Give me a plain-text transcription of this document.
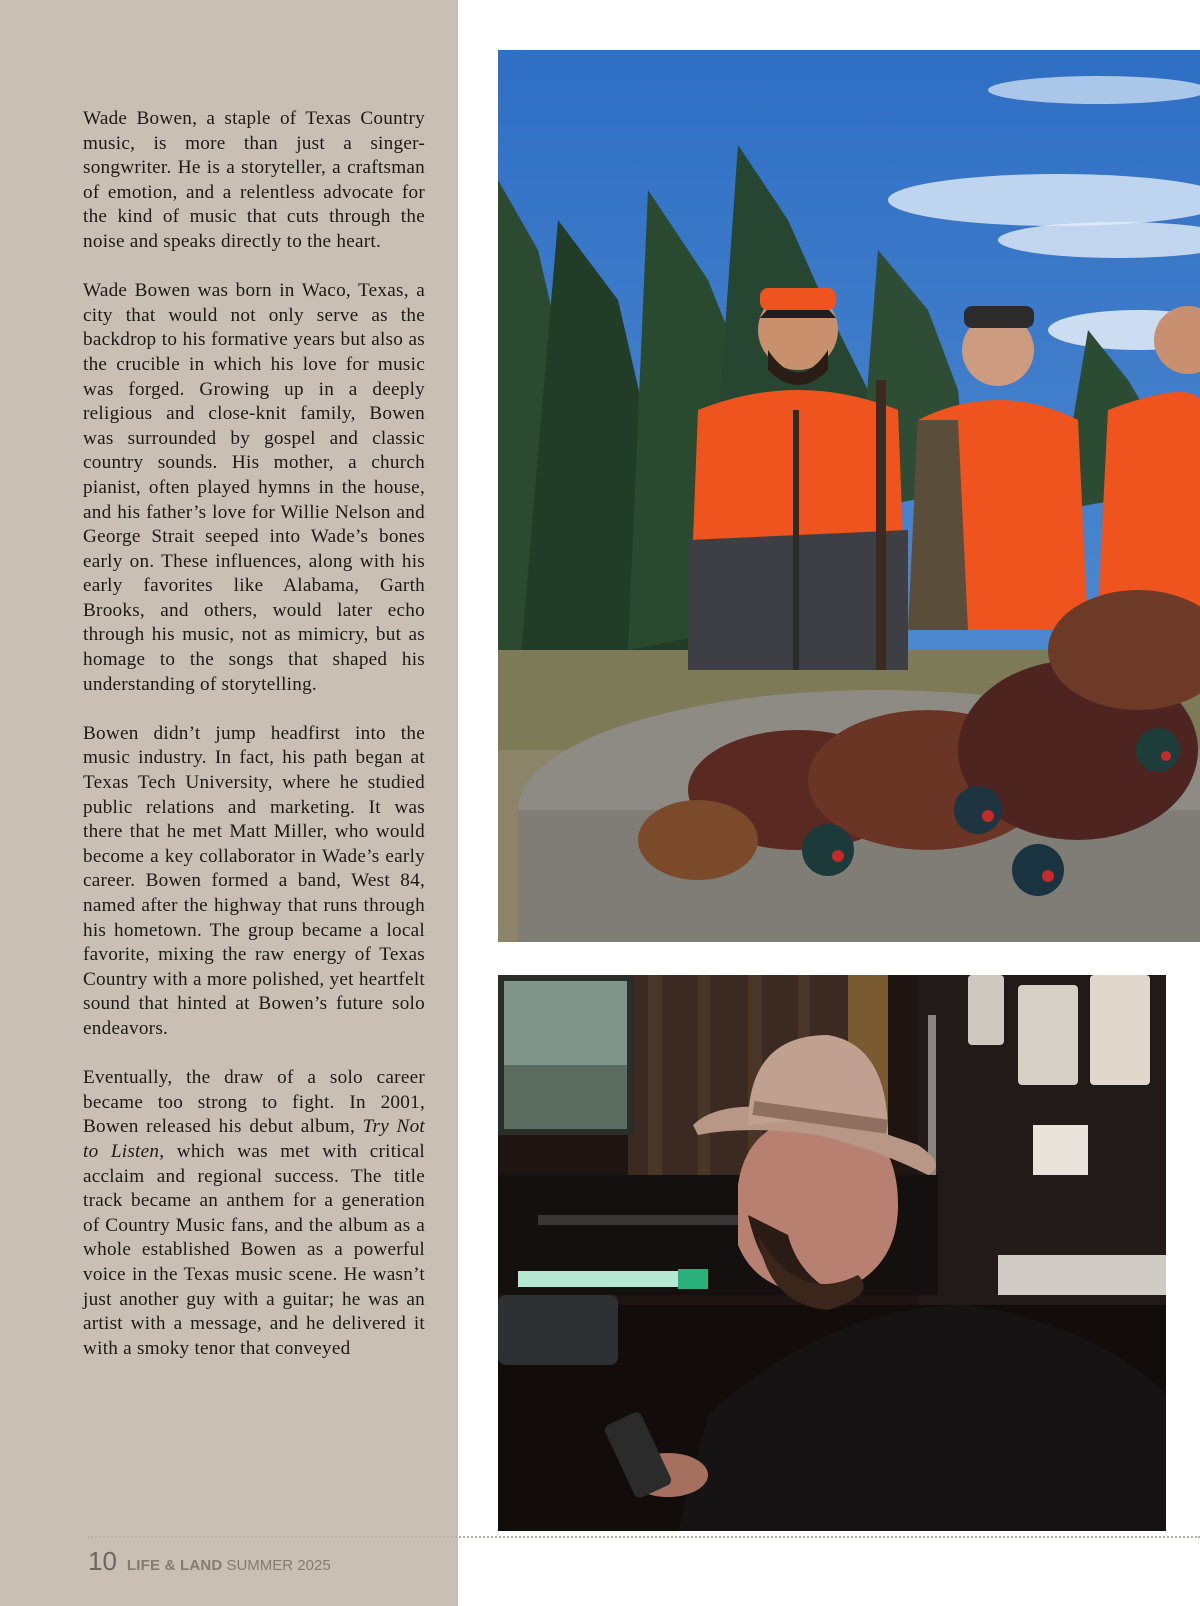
Wade Bowen, a staple of Texas Country music, is more than just a singer-songwriter. He is a storyteller, a craftsman of emotion, and a relentless advocate for the kind of music that cuts through the noise and speaks directly to the heart.

Wade Bowen was born in Waco, Texas, a city that would not only serve as the backdrop to his formative years but also as the crucible in which his love for music was forged. Growing up in a deeply religious and close-knit family, Bowen was surrounded by gospel and classic country sounds. His mother, a church pianist, often played hymns in the house, and his father’s love for Willie Nelson and George Strait seeped into Wade’s bones early on. These influences, along with his early favorites like Alabama, Garth Brooks, and others, would later echo through his music, not as mimicry, but as homage to the songs that shaped his understanding of storytelling.

Bowen didn’t jump headfirst into the music industry. In fact, his path began at Texas Tech University, where he studied public relations and marketing. It was there that he met Matt Miller, who would become a key collaborator in Wade’s early career. Bowen formed a band, West 84, named after the highway that runs through his hometown. The group became a local favorite, mixing the raw energy of Texas Country with a more polished, yet heartfelt sound that hinted at Bowen’s future solo endeavors.

Eventually, the draw of a solo career became too strong to fight. In 2001, Bowen released his debut album, Try Not to Listen, which was met with critical acclaim and regional success. The title track became an anthem for a generation of Country Music fans, and the album as a whole established Bowen as a powerful voice in the Texas music scene. He wasn’t just another guy with a guitar; he was an artist with a message, and he delivered it with a smoky tenor that conveyed

10 LIFE & LAND SUMMER 2025
